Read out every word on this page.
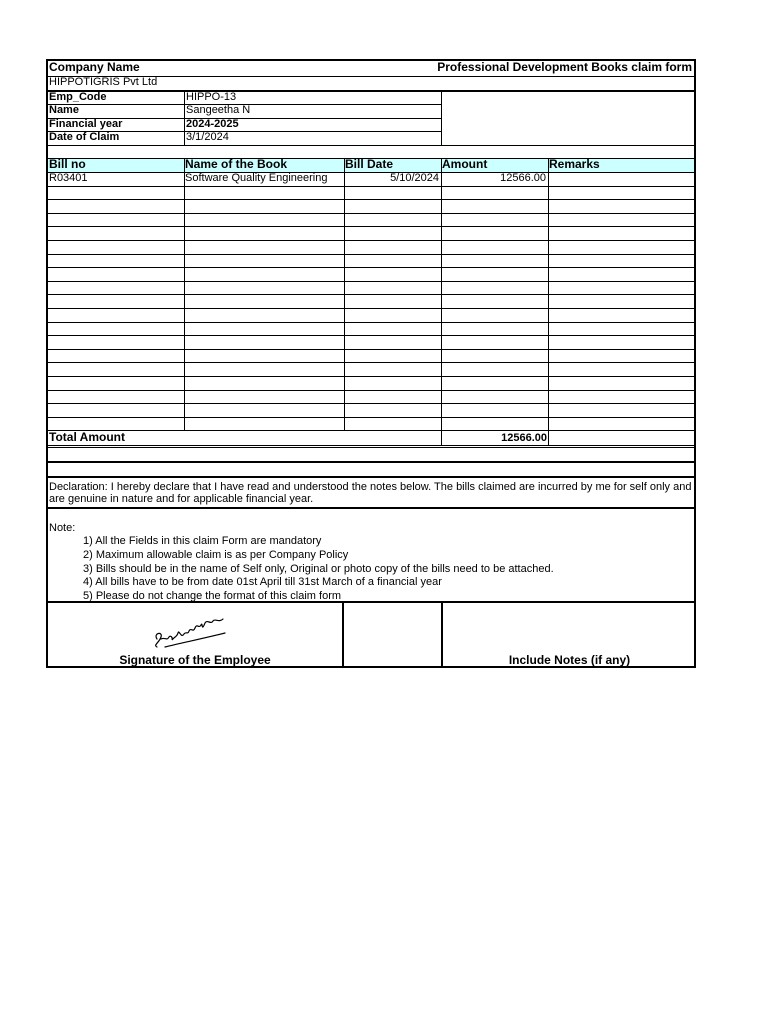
Company Name	Professional Development Books claim form
HIPPOTIGRIS Pvt Ltd
Emp_Code	HIPPO-13
Name	Sangeetha N
Financial year	2024-2025
Date of Claim	3/1/2024
Bill no	Name of the Book	Bill Date	Amount	Remarks
R03401	Software Quality Engineering	5/10/2024	12566.00
Total Amount	12566.00
Declaration: I hereby declare that I have read and understood the notes below. The bills claimed are incurred by me for self only and
are genuine in nature and for applicable financial year.
Note:
1) All the Fields in this claim Form are mandatory
2) Maximum allowable claim is as per Company Policy
3) Bills should be in the name of Self only, Original or photo copy of the bills need to be attached.
4) All bills have to be from date 01st April till 31st March of a financial year
5) Please do not change the format of this claim form
Signature of the Employee	Include Notes (if any)
